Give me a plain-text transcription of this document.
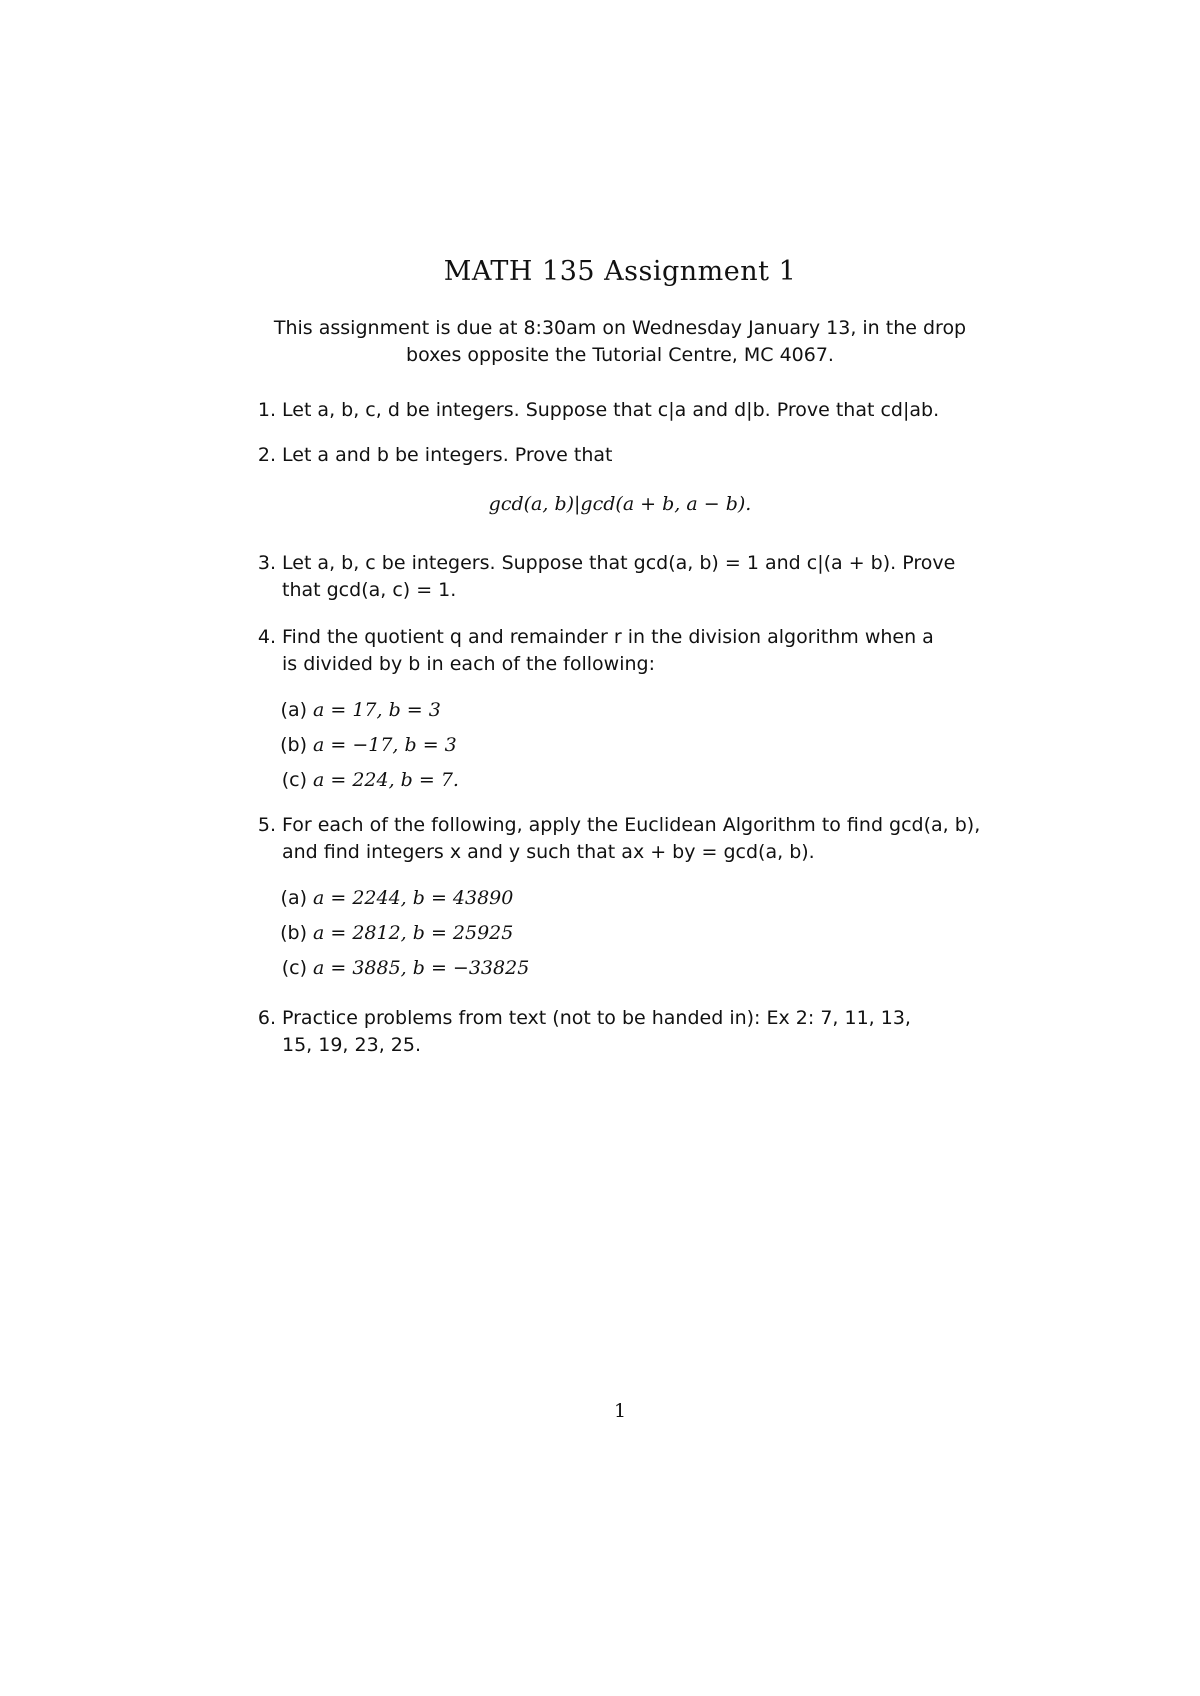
MATH 135 Assignment 1
This assignment is due at 8:30am on Wednesday January 13, in the drop
boxes opposite the Tutorial Centre, MC 4067.
1. Let a, b, c, d be integers. Suppose that c|a and d|b. Prove that cd|ab.
2. Let a and b be integers. Prove that
gcd(a, b)|gcd(a + b, a − b).
3. Let a, b, c be integers. Suppose that gcd(a, b) = 1 and c|(a + b). Prove
that gcd(a, c) = 1.
4. Find the quotient q and remainder r in the division algorithm when a
is divided by b in each of the following:
(a) a = 17, b = 3
(b) a = −17, b = 3
(c) a = 224, b = 7.
5. For each of the following, apply the Euclidean Algorithm to find gcd(a, b),
and find integers x and y such that ax + by = gcd(a, b).
(a) a = 2244, b = 43890
(b) a = 2812, b = 25925
(c) a = 3885, b = −33825
6. Practice problems from text (not to be handed in): Ex 2: 7, 11, 13,
15, 19, 23, 25.
1
